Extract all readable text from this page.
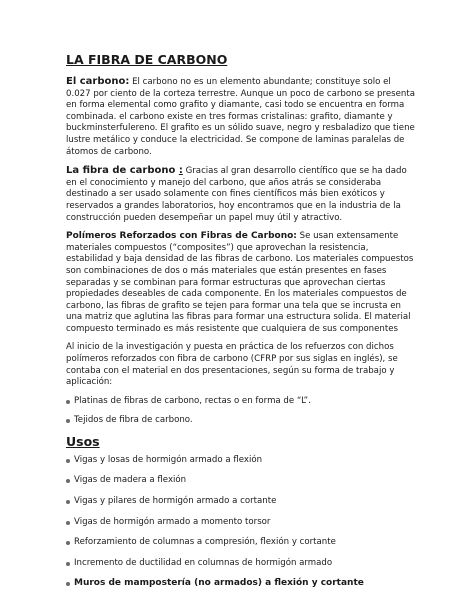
LA FIBRA DE CARBONO

El carbono: El carbono no es un elemento abundante; constituye solo el 0.027 por ciento de la corteza terrestre. Aunque un poco de carbono se presenta en forma elemental como grafito y diamante, casi todo se encuentra en forma combinada. el carbono existe en tres formas cristalinas: grafito, diamante y buckminsterfulereno. El grafito es un sólido suave, negro y resbaladizo que tiene lustre metálico y conduce la electricidad. Se compone de laminas paralelas de átomos de carbono.

La fibra de carbono : Gracias al gran desarrollo científico que se ha dado en el conocimiento y manejo del carbono, que años atrás se consideraba destinado a ser usado solamente con fines científicos más bien exóticos y reservados a grandes laboratorios, hoy encontramos que en la industria de la construcción pueden desempeñar un papel muy útil y atractivo.

Polímeros Reforzados con Fibras de Carbono: Se usan extensamente materiales compuestos (“composites”) que aprovechan la resistencia, estabilidad y baja densidad de las fibras de carbono. Los materiales compuestos son combinaciones de dos o más materiales que están presentes en fases separadas y se combinan para formar estructuras que aprovechan ciertas propiedades deseables de cada componente. En los materiales compuestos de carbono, las fibras de grafito se tejen para formar una tela que se incrusta en una matriz que aglutina las fibras para formar una estructura solida. El material compuesto terminado es más resistente que cualquiera de sus componentes

Al inicio de la investigación y puesta en práctica de los refuerzos con dichos polímeros reforzados con fibra de carbono (CFRP por sus siglas en inglés), se contaba con el material en dos presentaciones, según su forma de trabajo y aplicación:

Platinas de fibras de carbono, rectas o en forma de “L”.
Tejidos de fibra de carbono.
Usos
Vigas y losas de hormigón armado a flexión
Vigas de madera a flexión
Vigas y pilares de hormigón armado a cortante
Vigas de hormigón armado a momento torsor
Reforzamiento de columnas a compresión, flexión y cortante
Incremento de ductilidad en columnas de hormigón armado
Muros de mampostería (no armados) a flexión y cortante
